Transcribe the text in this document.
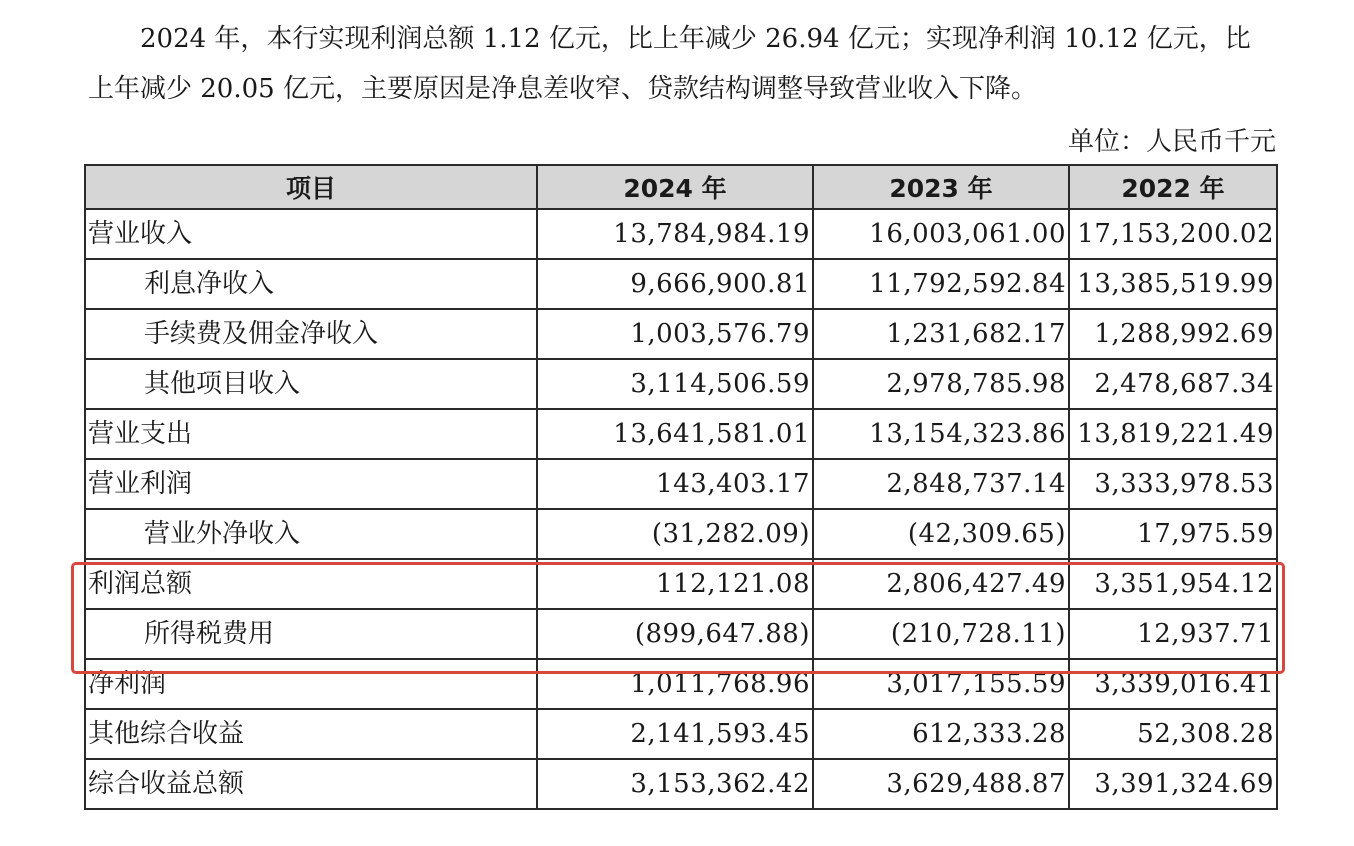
2024 年，本行实现利润总额 1.12 亿元，比上年减少 26.94 亿元；实现净利润 10.12 亿元，比
上年减少 20.05 亿元，主要原因是净息差收窄、贷款结构调整导致营业收入下降。

单位：人民币千元
项目	2024 年	2023 年	2022 年
营业收入	13,784,984.19	16,003,061.00	17,153,200.02
利息净收入	9,666,900.81	11,792,592.84	13,385,519.99
手续费及佣金净收入	1,003,576.79	1,231,682.17	1,288,992.69
其他项目收入	3,114,506.59	2,978,785.98	2,478,687.34
营业支出	13,641,581.01	13,154,323.86	13,819,221.49
营业利润	143,403.17	2,848,737.14	3,333,978.53
营业外净收入	(31,282.09)	(42,309.65)	17,975.59
利润总额	112,121.08	2,806,427.49	3,351,954.12
所得税费用	(899,647.88)	(210,728.11)	12,937.71
净利润	1,011,768.96	3,017,155.59	3,339,016.41
其他综合收益	2,141,593.45	612,333.28	52,308.28
综合收益总额	3,153,362.42	3,629,488.87	3,391,324.69
